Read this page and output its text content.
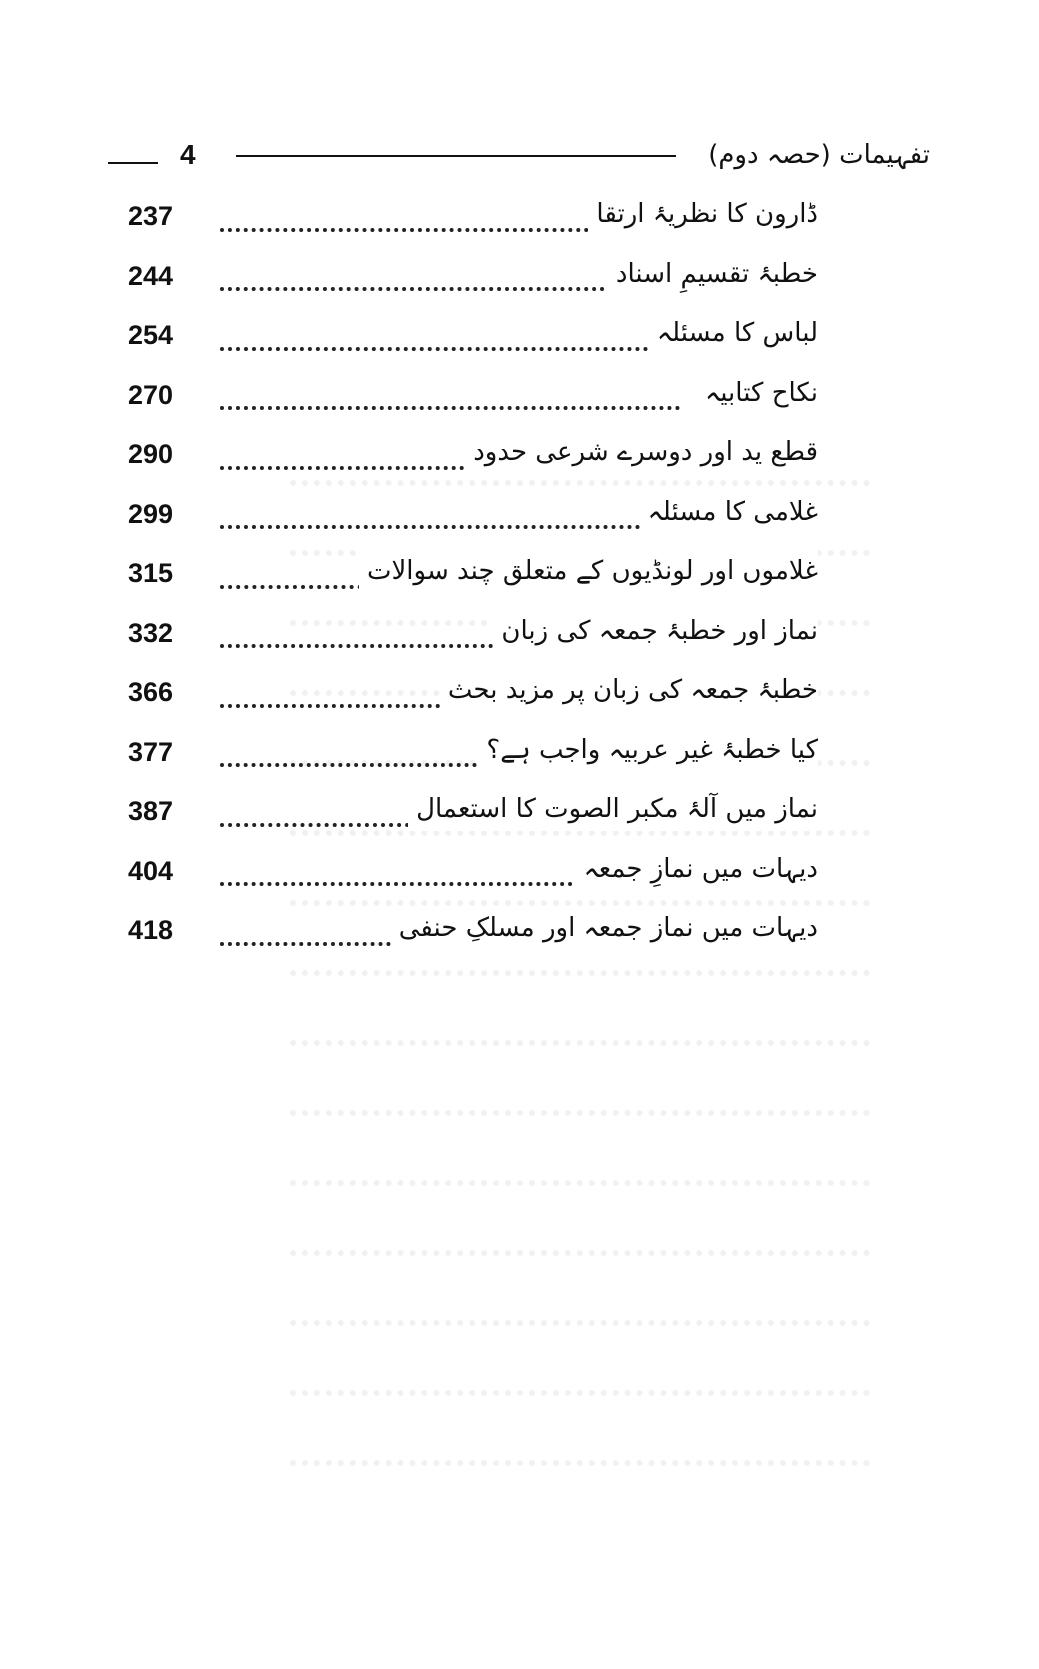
4	تفہیمات (حصہ دوم)
237	ڈارون کا نظریۂ ارتقا
244	خطبۂ تقسیمِ اسناد
254	لباس کا مسئلہ
270	نکاح کتابیہ
290	قطع ید اور دوسرے شرعی حدود
299	غلامی کا مسئلہ
315	غلاموں اور لونڈیوں کے متعلق چند سوالات
332	نماز اور خطبۂ جمعہ کی زبان
366	خطبۂ جمعہ کی زبان پر مزید بحث
377	کیا خطبۂ غیر عربیہ واجب ہے؟
387	نماز میں آلۂ مکبر الصوت کا استعمال
404	دیہات میں نمازِ جمعہ
418	دیہات میں نماز جمعہ اور مسلکِ حنفی
